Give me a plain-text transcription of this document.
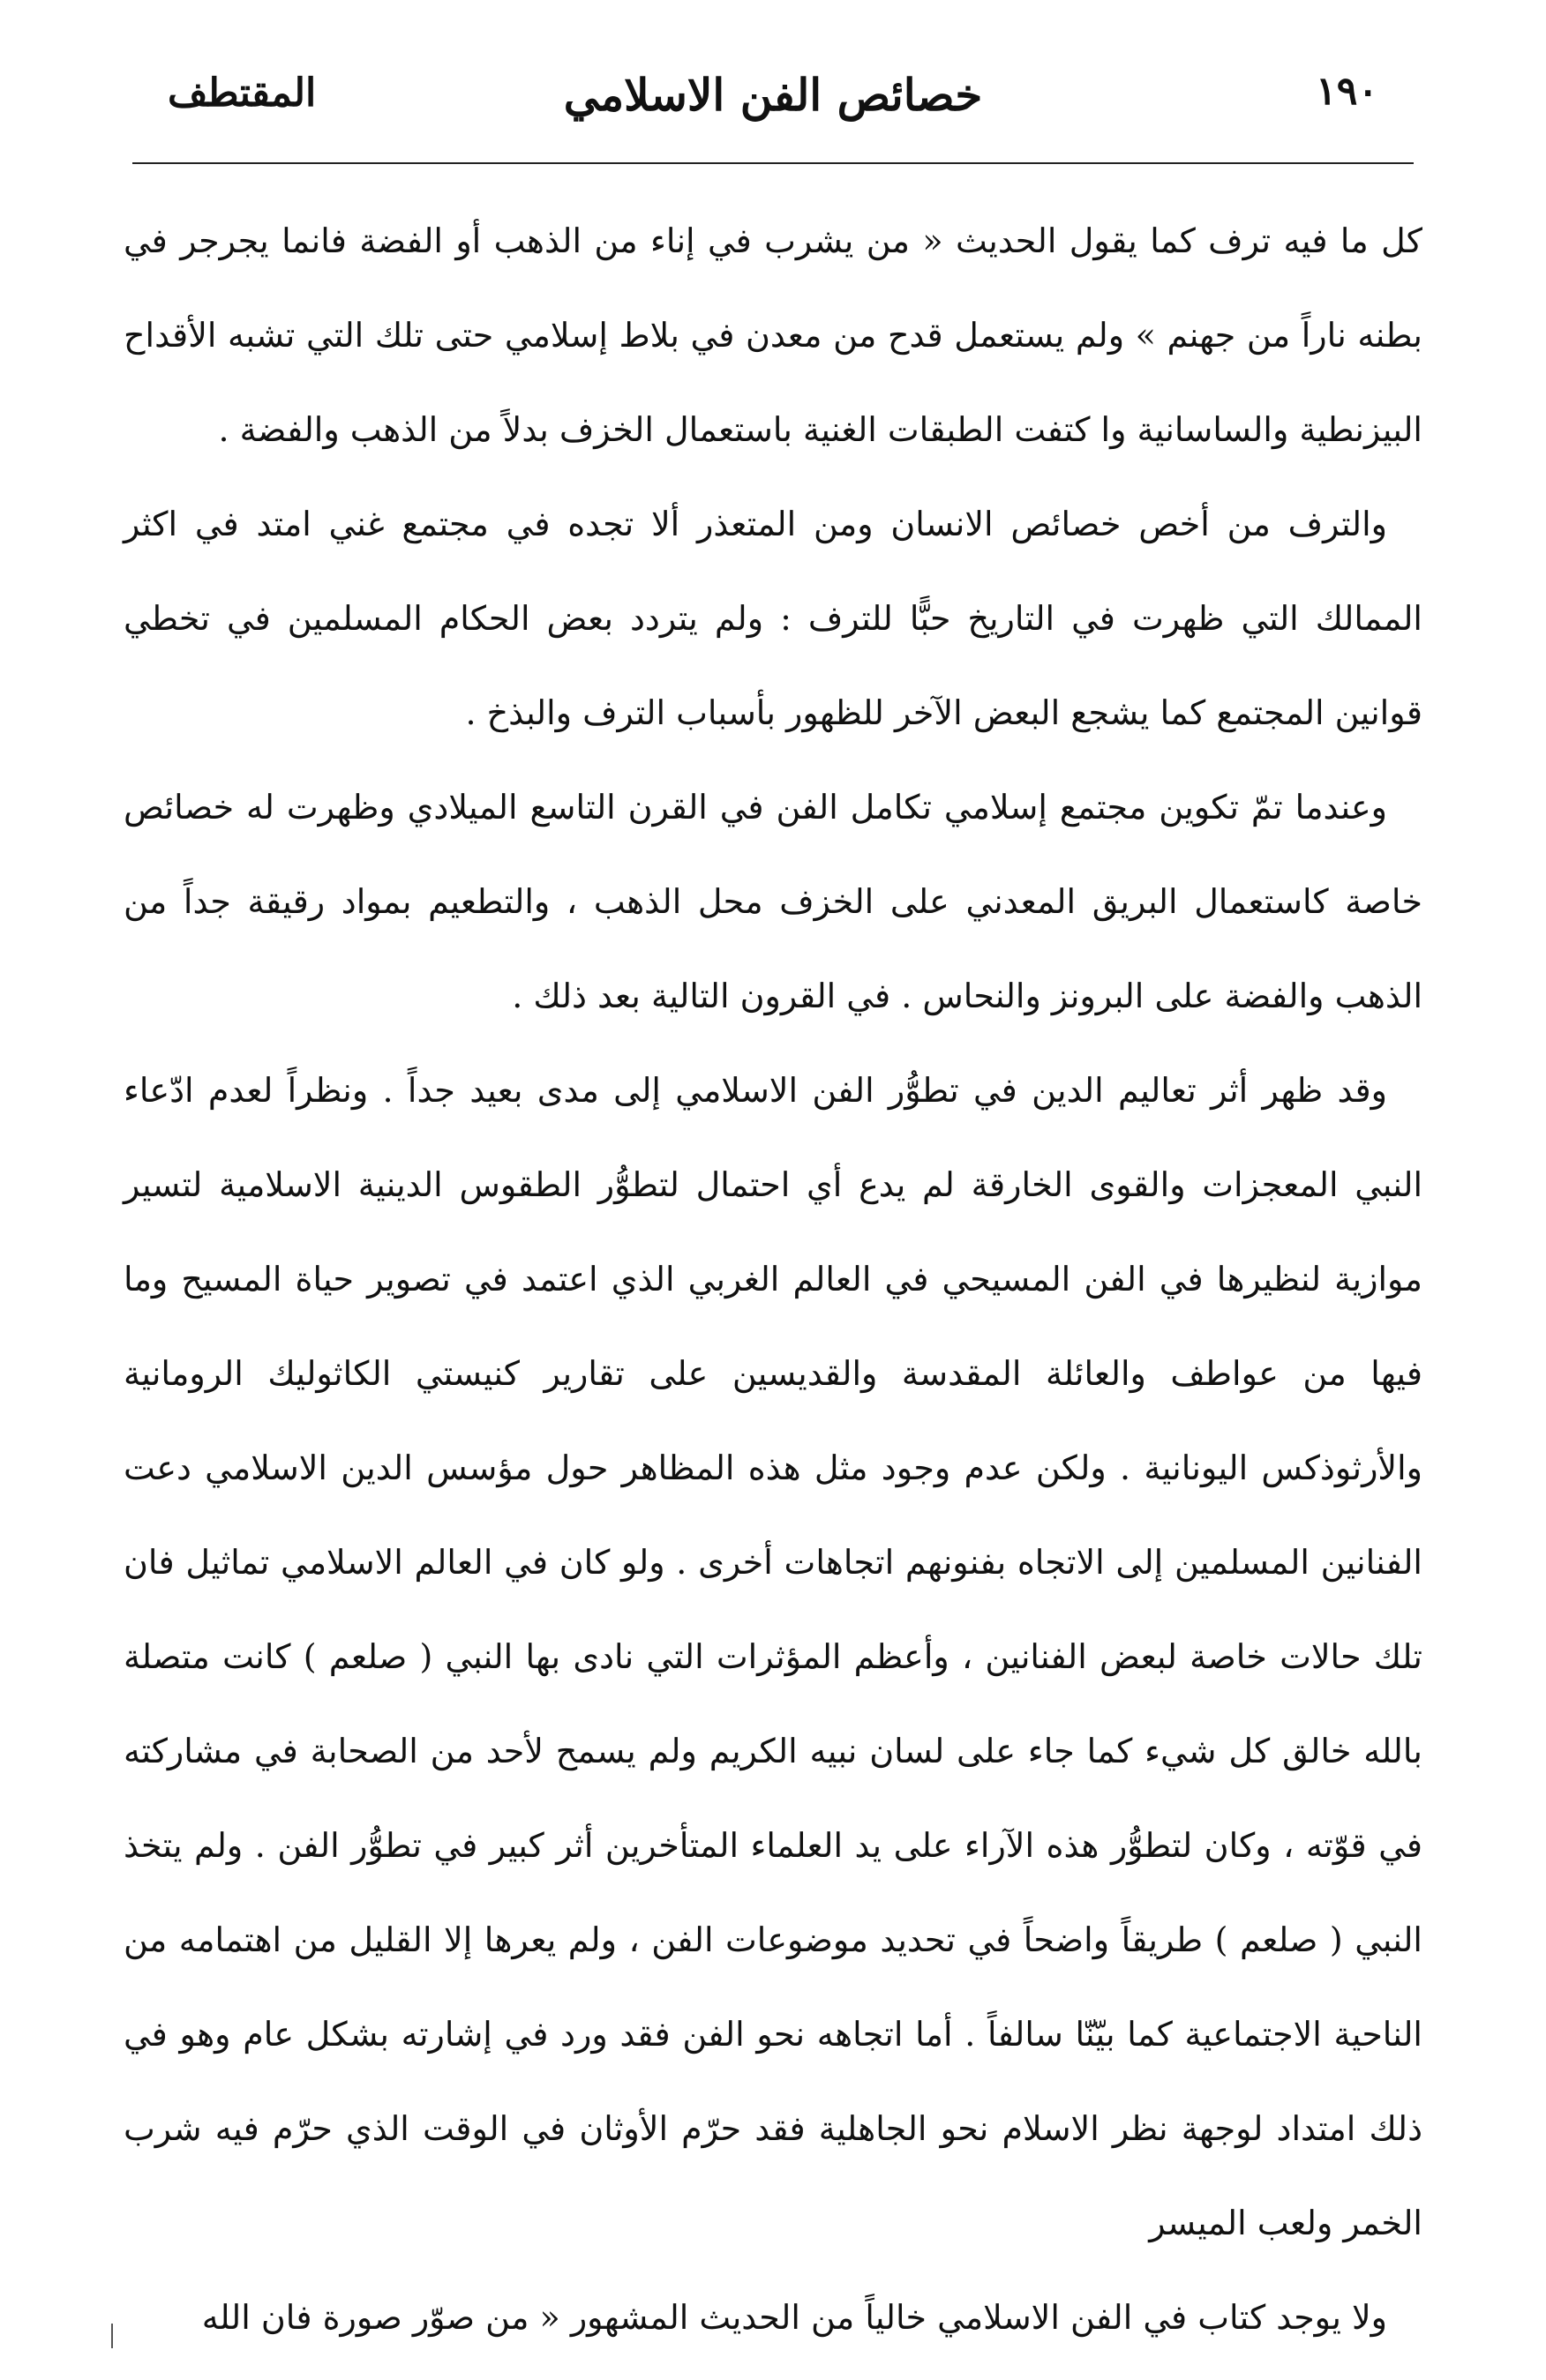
المقتطف	خصائص الفن الاسلامي	١٩٠

كل ما فيه ترف كما يقول الحديث « من يشرب في إناء من الذهب أو الفضة فانما يجرجر في بطنه ناراً من جهنم » ولم يستعمل قدح من معدن في بلاط إسلامي حتى تلك التي تشبه الأقداح البيزنطية والساسانية وا كتفت الطبقات الغنية باستعمال الخزف بدلاً من الذهب والفضة .

والترف من أخص خصائص الانسان ومن المتعذر ألا تجده في مجتمع غني امتد في اكثر الممالك التي ظهرت في التاريخ حبًّا للترف : ولم يتردد بعض الحكام المسلمين في تخطي قوانين المجتمع كما يشجع البعض الآخر للظهور بأسباب الترف والبذخ .

وعندما تمّ تكوين مجتمع إسلامي تكامل الفن في القرن التاسع الميلادي وظهرت له خصائص خاصة كاستعمال البريق المعدني على الخزف محل الذهب ، والتطعيم بمواد رقيقة جداً من الذهب والفضة على البرونز والنحاس . في القرون التالية بعد ذلك .

وقد ظهر أثر تعاليم الدين في تطوُّر الفن الاسلامي إلى مدى بعيد جداً . ونظراً لعدم ادّعاء النبي المعجزات والقوى الخارقة لم يدع أي احتمال لتطوُّر الطقوس الدينية الاسلامية لتسير موازية لنظيرها في الفن المسيحي في العالم الغربي الذي اعتمد في تصوير حياة المسيح وما فيها من عواطف والعائلة المقدسة والقديسين على تقارير كنيستي الكاثوليك الرومانية والأرثوذكس اليونانية . ولكن عدم وجود مثل هذه المظاهر حول مؤسس الدين الاسلامي دعت الفنانين المسلمين إلى الاتجاه بفنونهم اتجاهات أخرى . ولو كان في العالم الاسلامي تماثيل فان تلك حالات خاصة لبعض الفنانين ، وأعظم المؤثرات التي نادى بها النبي ( صلعم ) كانت متصلة بالله خالق كل شيء كما جاء على لسان نبيه الكريم ولم يسمح لأحد من الصحابة في مشاركته في قوّته ، وكان لتطوُّر هذه الآراء على يد العلماء المتأخرين أثر كبير في تطوُّر الفن . ولم يتخذ النبي ( صلعم ) طريقاً واضحاً في تحديد موضوعات الفن ، ولم يعرها إلا القليل من اهتمامه من الناحية الاجتماعية كما بيّنّا سالفاً . أما اتجاهه نحو الفن فقد ورد في إشارته بشكل عام وهو في ذلك امتداد لوجهة نظر الاسلام نحو الجاهلية فقد حرّم الأوثان في الوقت الذي حرّم فيه شرب الخمر ولعب الميسر

ولا يوجد كتاب في الفن الاسلامي خالياً من الحديث المشهور « من صوّر صورة فان الله
